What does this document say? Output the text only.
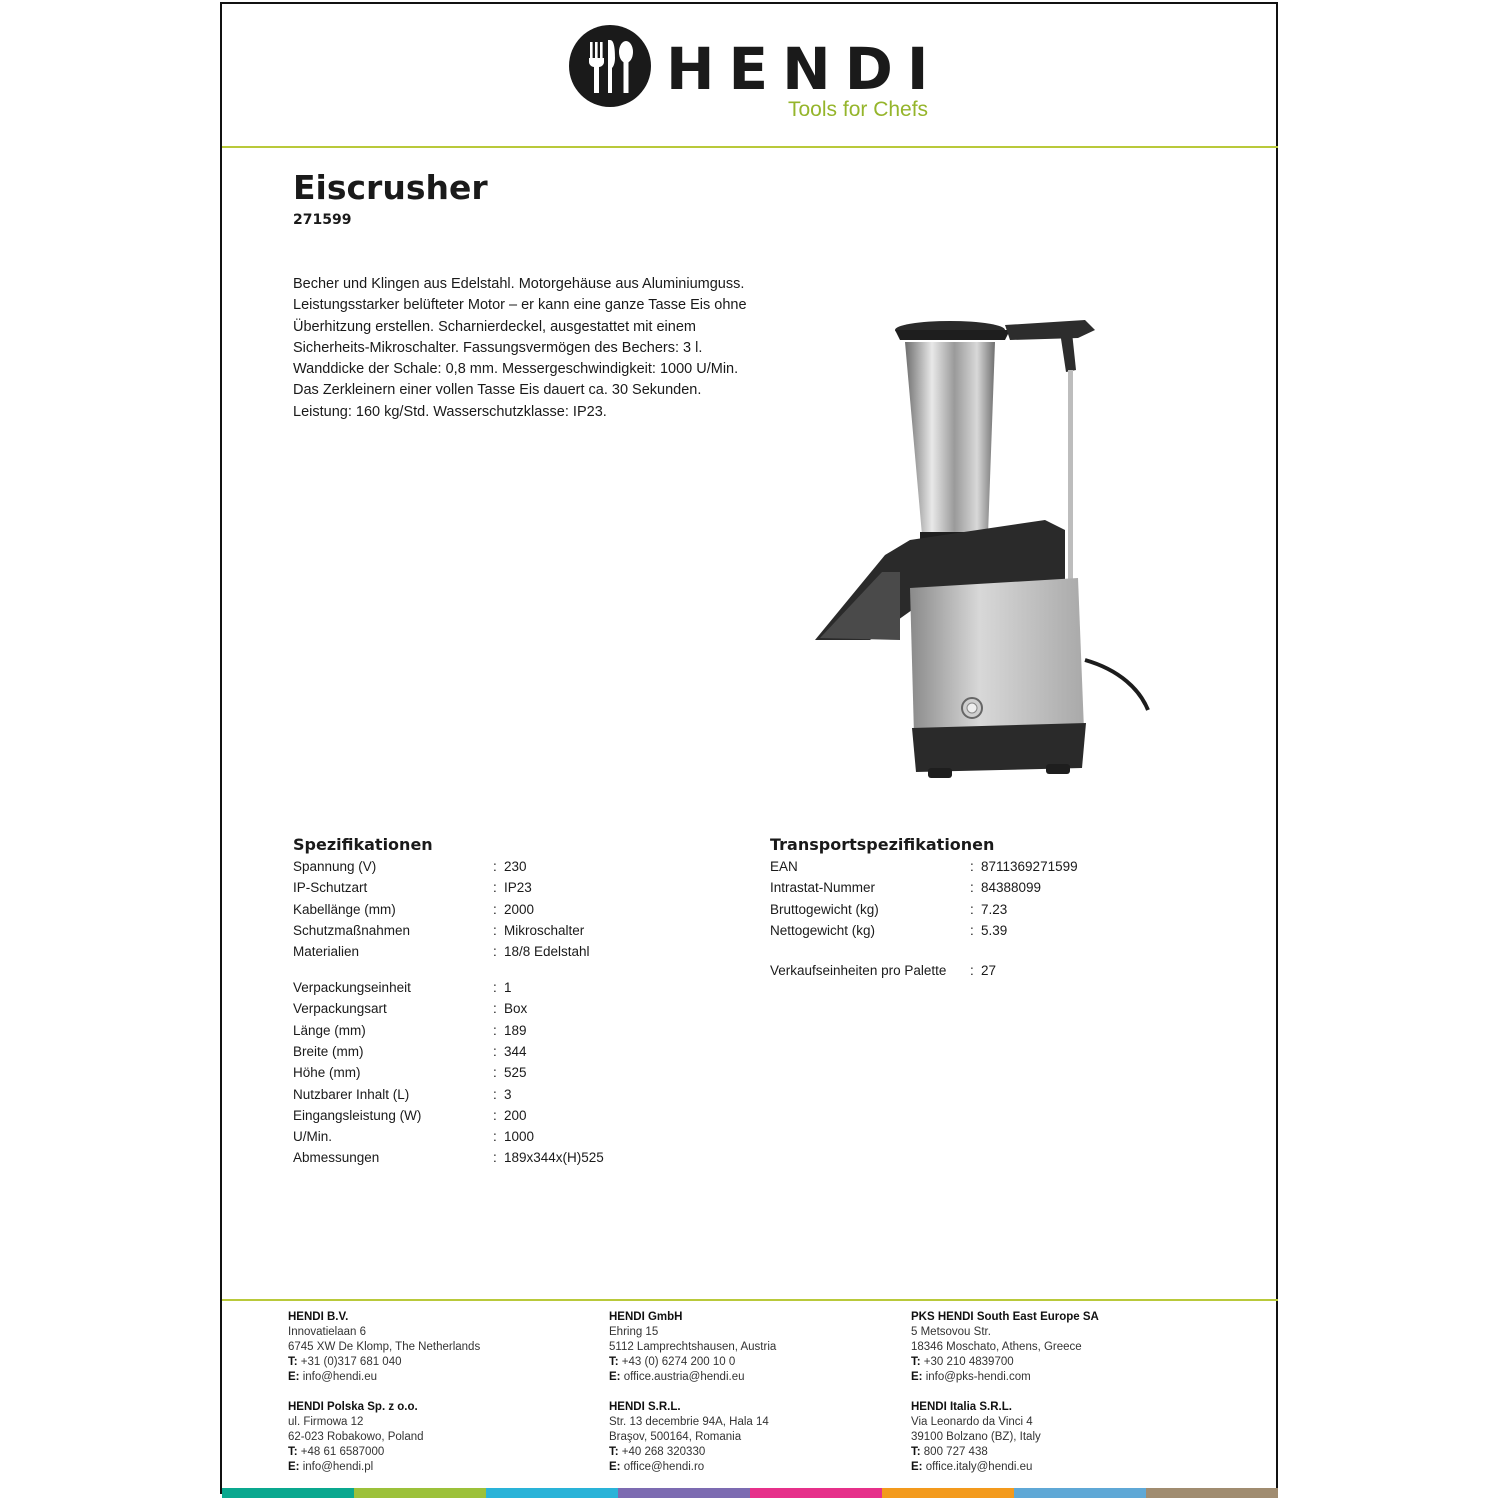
HENDI
Tools for Chefs
Eiscrusher
271599
Becher und Klingen aus Edelstahl. Motorgehäuse aus Aluminiumguss. Leistungsstarker belüfteter Motor – er kann eine ganze Tasse Eis ohne Überhitzung erstellen. Scharnierdeckel, ausgestattet mit einem Sicherheits-Mikroschalter. Fassungsvermögen des Bechers: 3 l. Wanddicke der Schale: 0,8 mm. Messergeschwindigkeit: 1000 U/Min. Das Zerkleinern einer vollen Tasse Eis dauert ca. 30 Sekunden. Leistung: 160 kg/Std. Wasserschutzklasse: IP23.
Spezifikationen
Spannung (V)	: 230
IP-Schutzart	: IP23
Kabellänge (mm)	: 2000
Schutzmaßnahmen	: Mikroschalter
Materialien	: 18/8 Edelstahl
Verpackungseinheit	: 1
Verpackungsart	: Box
Länge (mm)	: 189
Breite (mm)	: 344
Höhe (mm)	: 525
Nutzbarer Inhalt (L)	: 3
Eingangsleistung (W)	: 200
U/Min.	: 1000
Abmessungen	: 189x344x(H)525
Transportspezifikationen
EAN	: 8711369271599
Intrastat-Nummer	: 84388099
Bruttogewicht (kg)	: 7.23
Nettogewicht (kg)	: 5.39
Verkaufseinheiten pro Palette : 27
HENDI B.V.
Innovatielaan 6
6745 XW De Klomp, The Netherlands
T: +31 (0)317 681 040
E: info@hendi.eu
HENDI GmbH
Ehring 15
5112 Lamprechtshausen, Austria
T: +43 (0) 6274 200 10 0
E: office.austria@hendi.eu
PKS HENDI South East Europe SA
5 Metsovou Str.
18346 Moschato, Athens, Greece
T: +30 210 4839700
E: info@pks-hendi.com
HENDI Polska Sp. z o.o.
ul. Firmowa 12
62-023 Robakowo, Poland
T: +48 61 6587000
E: info@hendi.pl
HENDI S.R.L.
Str. 13 decembrie 94A, Hala 14
Braşov, 500164, Romania
T: +40 268 320330
E: office@hendi.ro
HENDI Italia S.R.L.
Via Leonardo da Vinci 4
39100 Bolzano (BZ), Italy
T: 800 727 438
E: office.italy@hendi.eu
